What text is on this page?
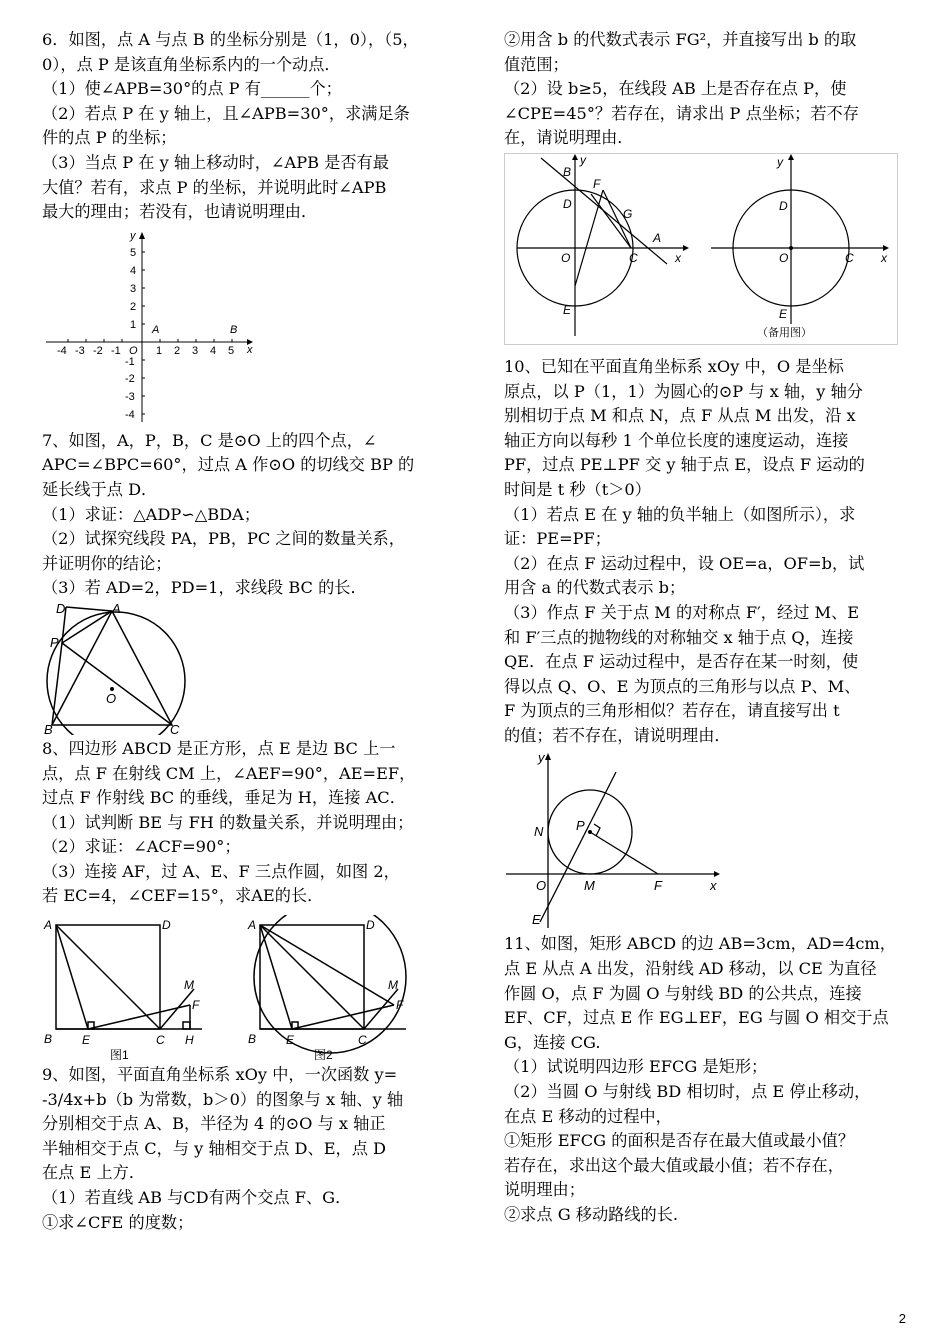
6．如图，点 A 与点 B 的坐标分别是（1，0），（5，

0），点 P 是该直角坐标系内的一个动点．

（1）使∠APB=30°的点 P 有______个；

（2）若点 P 在 y 轴上，且∠APB=30°，求满足条

件的点 P 的坐标；

（3）当点 P 在 y 轴上移动时，∠APB 是否有最

大值？若有，求点 P 的坐标，并说明此时∠APB

最大的理由；若没有，也请说明理由．

-4 -3 -2 -1 O 1 2 3 4 5 x
y
5
4
3
2
1
-1
-2
-3
-4
A	B

7、如图，A，P，B，C 是⊙O 上的四个点，∠

APC=∠BPC=60°，过点 A 作⊙O 的切线交 BP 的

延长线于点 D．

（1）求证：△ADP∽△BDA；

（2）试探究线段 PA，PB，PC 之间的数量关系，

并证明你的结论；

（3）若 AD=2，PD=1，求线段 BC 的长．

D	A
P
O
B	C

8、四边形 ABCD 是正方形，点 E 是边 BC 上一

点，点 F 在射线 CM 上，∠AEF=90°，AE=EF，

过点 F 作射线 BC 的垂线，垂足为 H，连接 AC．

（1）试判断 BE 与 FH 的数量关系，并说明理由；

（2）求证：∠ACF=90°；

（3）连接 AF，过 A、E、F 三点作圆，如图 2，

若 EC=4，∠CEF=15°，求AE的长．

A	D
B E	C H
M
F
图1
A	D
B E	C
M
F
图2

9、如图，平面直角坐标系 xOy 中，一次函数 y=

-3/4x+b（b 为常数，b＞0）的图象与 x 轴、y 轴

分别相交于点 A、B，半径为 4 的⊙O 与 x 轴正

半轴相交于点 C，与 y 轴相交于点 D、E，点 D

在点 E 上方．

（1）若直线 AB 与CD有两个交点 F、G．

①求∠CFE 的度数；

②用含 b 的代数式表示 FG²，并直接写出 b 的取

值范围；

（2）设 b≥5，在线段 AB 上是否存在点 P，使

∠CPE=45°？若存在，请求出 P 点坐标；若不存

在，请说明理由．

y
B
F
D
G
A
O	C	x
E
y
D
O	C x
E
（备用图）

10、已知在平面直角坐标系 xOy 中，O 是坐标

原点，以 P（1，1）为圆心的⊙P 与 x 轴，y 轴分

别相切于点 M 和点 N，点 F 从点 M 出发，沿 x

轴正方向以每秒 1 个单位长度的速度运动，连接

PF，过点 PE⊥PF 交 y 轴于点 E，设点 F 运动的

时间是 t 秒（t＞0）

（1）若点 E 在 y 轴的负半轴上（如图所示），求

证：PE=PF；

（2）在点 F 运动过程中，设 OE=a，OF=b，试

用含 a 的代数式表示 b；

（3）作点 F 关于点 M 的对称点 F′，经过 M、E

和 F′三点的抛物线的对称轴交 x 轴于点 Q，连接

QE．在点 F 运动过程中，是否存在某一时刻，使

得以点 Q、O、E 为顶点的三角形与以点 P、M、

F 为顶点的三角形相似？若存在，请直接写出 t

的值；若不存在，请说明理由．

y
N	P
O	M	F	x
E

11、如图，矩形 ABCD 的边 AB=3cm，AD=4cm，

点 E 从点 A 出发，沿射线 AD 移动，以 CE 为直径

作圆 O，点 F 为圆 O 与射线 BD 的公共点，连接

EF、CF，过点 E 作 EG⊥EF，EG 与圆 O 相交于点

G，连接 CG.

（1）试说明四边形 EFCG 是矩形；

（2）当圆 O 与射线 BD 相切时，点 E 停止移动，

在点 E 移动的过程中，

①矩形 EFCG 的面积是否存在最大值或最小值？

若存在，求出这个最大值或最小值；若不存在，

说明理由；

②求点 G 移动路线的长.

2
